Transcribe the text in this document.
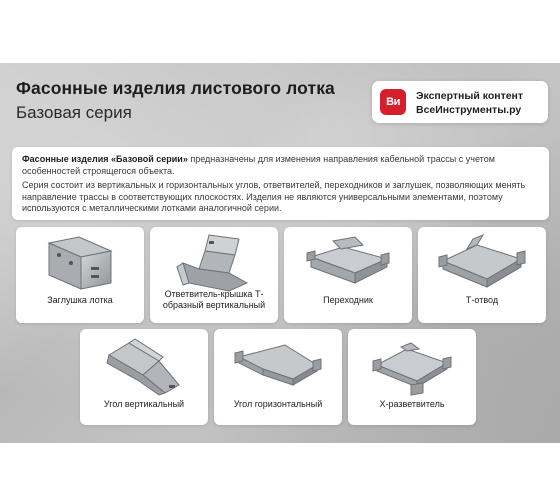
Фасонные изделия листового лотка
Базовая серия
Ви	Экспертный контент
ВсеИнструменты.ру

Фасонные изделия «Базовой серии» предназначены для изменения направления кабельной трассы с учетом особенностей строящегося объекта.

Серия состоит из вертикальных и горизонтальных углов, ответвителей, переходников и заглушек, позволяющих менять направление трассы в соответствующих плоскостях. Изделия не являются универсальными элементами, поэтому используются с металлическими лотками аналогичной серии.

Заглушка лотка
Ответвитель-крышка Т-образный вертикальный	Переходник	Т-отвод
Угол вертикальный	Угол горизонтальный	Х-разветвитель
